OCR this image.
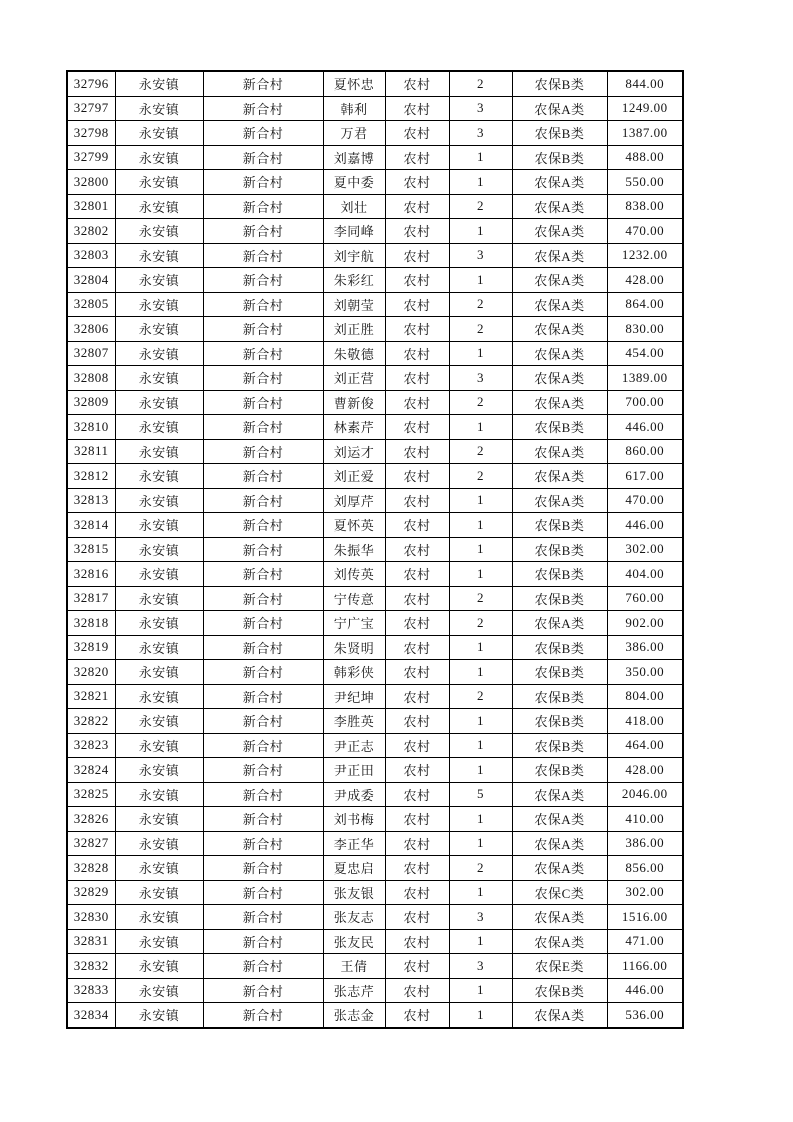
32796	永安镇	新合村	夏怀忠	农村	2	农保B类	844.00
32797	永安镇	新合村	韩利	农村	3	农保A类	1249.00
32798	永安镇	新合村	万君	农村	3	农保B类	1387.00
32799	永安镇	新合村	刘嘉博	农村	1	农保B类	488.00
32800	永安镇	新合村	夏中委	农村	1	农保A类	550.00
32801	永安镇	新合村	刘壮	农村	2	农保A类	838.00
32802	永安镇	新合村	李同峰	农村	1	农保A类	470.00
32803	永安镇	新合村	刘宇航	农村	3	农保A类	1232.00
32804	永安镇	新合村	朱彩红	农村	1	农保A类	428.00
32805	永安镇	新合村	刘朝莹	农村	2	农保A类	864.00
32806	永安镇	新合村	刘正胜	农村	2	农保A类	830.00
32807	永安镇	新合村	朱敬德	农村	1	农保A类	454.00
32808	永安镇	新合村	刘正营	农村	3	农保A类	1389.00
32809	永安镇	新合村	曹新俊	农村	2	农保A类	700.00
32810	永安镇	新合村	林素芹	农村	1	农保B类	446.00
32811	永安镇	新合村	刘运才	农村	2	农保A类	860.00
32812	永安镇	新合村	刘正爱	农村	2	农保A类	617.00
32813	永安镇	新合村	刘厚芹	农村	1	农保A类	470.00
32814	永安镇	新合村	夏怀英	农村	1	农保B类	446.00
32815	永安镇	新合村	朱振华	农村	1	农保B类	302.00
32816	永安镇	新合村	刘传英	农村	1	农保B类	404.00
32817	永安镇	新合村	宁传意	农村	2	农保B类	760.00
32818	永安镇	新合村	宁广宝	农村	2	农保A类	902.00
32819	永安镇	新合村	朱贤明	农村	1	农保B类	386.00
32820	永安镇	新合村	韩彩侠	农村	1	农保B类	350.00
32821	永安镇	新合村	尹纪坤	农村	2	农保B类	804.00
32822	永安镇	新合村	李胜英	农村	1	农保B类	418.00
32823	永安镇	新合村	尹正志	农村	1	农保B类	464.00
32824	永安镇	新合村	尹正田	农村	1	农保B类	428.00
32825	永安镇	新合村	尹成委	农村	5	农保A类	2046.00
32826	永安镇	新合村	刘书梅	农村	1	农保A类	410.00
32827	永安镇	新合村	李正华	农村	1	农保A类	386.00
32828	永安镇	新合村	夏忠启	农村	2	农保A类	856.00
32829	永安镇	新合村	张友银	农村	1	农保C类	302.00
32830	永安镇	新合村	张友志	农村	3	农保A类	1516.00
32831	永安镇	新合村	张友民	农村	1	农保A类	471.00
32832	永安镇	新合村	王倩	农村	3	农保E类	1166.00
32833	永安镇	新合村	张志芹	农村	1	农保B类	446.00
32834	永安镇	新合村	张志金	农村	1	农保A类	536.00
